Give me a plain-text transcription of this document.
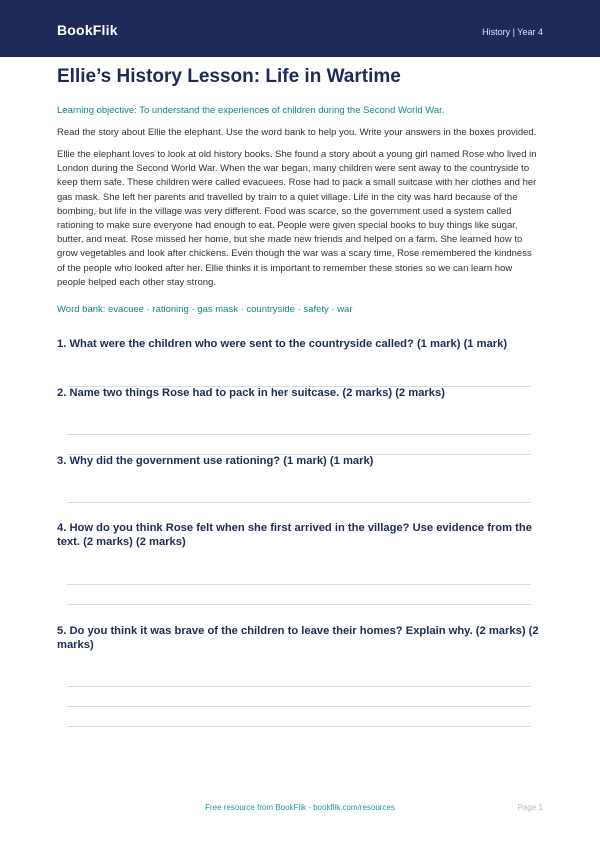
BookFlik	History | Year 4
Ellie’s History Lesson: Life in Wartime
Learning objective: To understand the experiences of children during the Second World War.
Read the story about Ellie the elephant. Use the word bank to help you. Write your answers in the boxes provided.
Ellie the elephant loves to look at old history books. She found a story about a young girl named Rose who lived in London during the Second World War. When the war began, many children were sent away to the countryside to keep them safe. These children were called evacuees. Rose had to pack a small suitcase with her clothes and her gas mask. She left her parents and travelled by train to a quiet village. Life in the city was hard because of the bombing, but life in the village was very different. Food was scarce, so the government used a system called rationing to make sure everyone had enough to eat. People were given special books to buy things like sugar, butter, and meat. Rose missed her home, but she made new friends and helped on a farm. She learned how to grow vegetables and look after chickens. Even though the war was a scary time, Rose remembered the kindness of the people who looked after her. Ellie thinks it is important to remember these stories so we can learn how people helped each other stay strong.
Word bank: evacuee · rationing · gas mask · countryside · safety · war
1. What were the children who were sent to the countryside called? (1 mark) (1 mark)
2. Name two things Rose had to pack in her suitcase. (2 marks) (2 marks)
3. Why did the government use rationing? (1 mark) (1 mark)
4. How do you think Rose felt when she first arrived in the village? Use evidence from the text. (2 marks) (2 marks)
5. Do you think it was brave of the children to leave their homes? Explain why. (2 marks) (2 marks)
Free resource from BookFlik · bookflik.com/resources	Page 1
